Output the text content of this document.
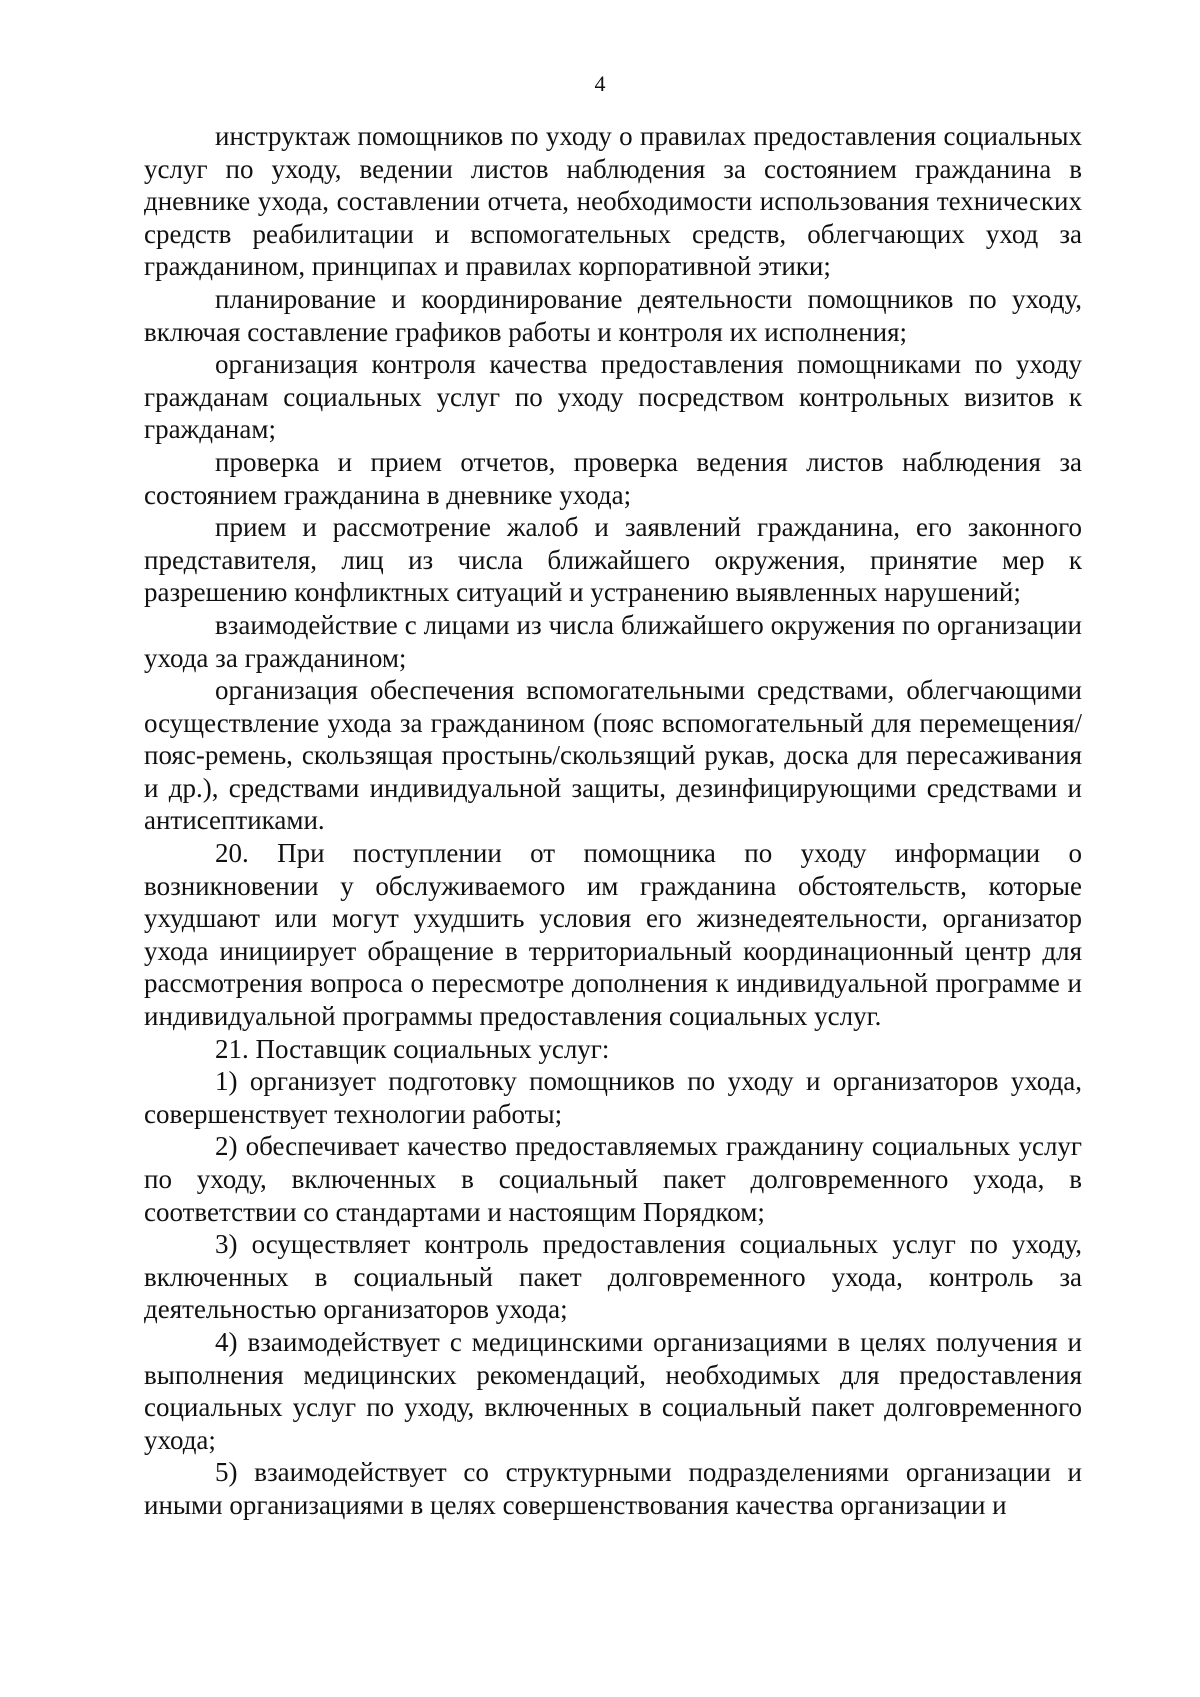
4

инструктаж помощников по уходу о правилах предоставления социальных услуг по уходу, ведении листов наблюдения за состоянием гражданина в дневнике ухода, составлении отчета, необходимости использования технических средств реабилитации и вспомогательных средств, облегчающих уход за гражданином, принципах и правилах корпоративной этики;

планирование и координирование деятельности помощников по уходу, включая составление графиков работы и контроля их исполнения;

организация контроля качества предоставления помощниками по уходу гражданам социальных услуг по уходу посредством контрольных визитов к гражданам;

проверка и прием отчетов, проверка ведения листов наблюдения за состоянием гражданина в дневнике ухода;

прием и рассмотрение жалоб и заявлений гражданина, его законного представителя, лиц из числа ближайшего окружения, принятие мер к разрешению конфликтных ситуаций и устранению выявленных нарушений;

взаимодействие с лицами из числа ближайшего окружения по организации ухода за гражданином;

организация обеспечения вспомогательными средствами, облегчающими осуществление ухода за гражданином (пояс вспомогательный для перемещения/пояс-ремень, скользящая простынь/скользящий рукав, доска для пересаживания и др.), средствами индивидуальной защиты, дезинфицирующими средствами и антисептиками.

20. При поступлении от помощника по уходу информации о возникновении у обслуживаемого им гражданина обстоятельств, которые ухудшают или могут ухудшить условия его жизнедеятельности, организатор ухода инициирует обращение в территориальный координационный центр для рассмотрения вопроса о пересмотре дополнения к индивидуальной программе и индивидуальной программы предоставления социальных услуг.

21. Поставщик социальных услуг:

1) организует подготовку помощников по уходу и организаторов ухода, совершенствует технологии работы;

2) обеспечивает качество предоставляемых гражданину социальных услуг по уходу, включенных в социальный пакет долговременного ухода, в соответствии со стандартами и настоящим Порядком;

3) осуществляет контроль предоставления социальных услуг по уходу, включенных в социальный пакет долговременного ухода, контроль за деятельностью организаторов ухода;

4) взаимодействует с медицинскими организациями в целях получения и выполнения медицинских рекомендаций, необходимых для предоставления социальных услуг по уходу, включенных в социальный пакет долговременного ухода;

5) взаимодействует со структурными подразделениями организации и иными организациями в целях совершенствования качества организации и
